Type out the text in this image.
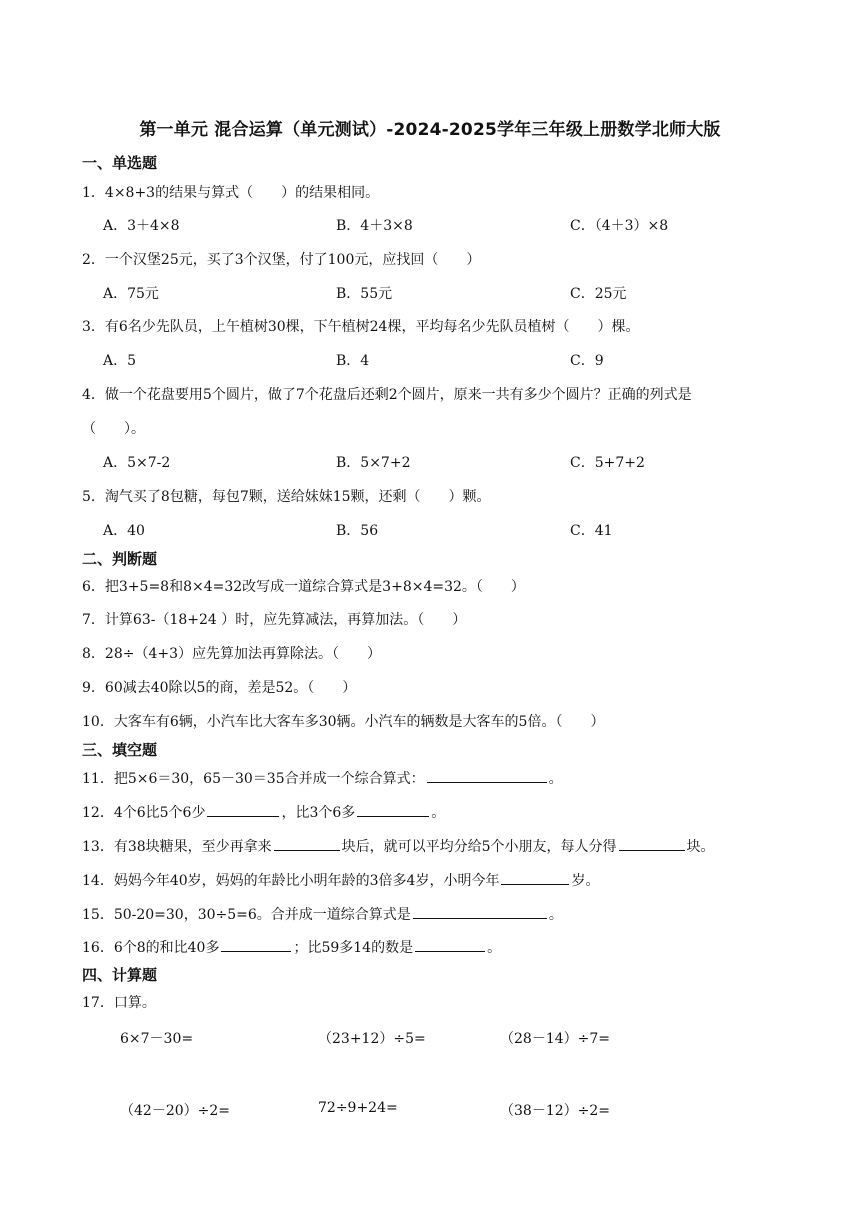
第一单元 混合运算（单元测试）-2024-2025学年三年级上册数学北师大版
一、单选题
1．4×8+3的结果与算式（　　）的结果相同。
A．3＋4×8	B．4＋3×8	C．（4＋3）×8
2．一个汉堡25元，买了3个汉堡，付了100元，应找回（　　）
A．75元	B．55元	C．25元
3．有6名少先队员，上午植树30棵，下午植树24棵，平均每名少先队员植树（　　）棵。
A．5	B．4	C．9
4．做一个花盘要用5个圆片，做了7个花盘后还剩2个圆片，原来一共有多少个圆片？正确的列式是
（　　）。
A．5×7-2	B．5×7+2	C．5+7+2
5．淘气买了8包糖，每包7颗，送给妹妹15颗，还剩（　　）颗。
A．40	B．56	C．41
二、判断题
6．把3+5=8和8×4=32改写成一道综合算式是3+8×4=32。（　　）
7．计算63-（18+24 ）时，应先算减法，再算加法。（　　）
8．28÷（4+3）应先算加法再算除法。（　　）
9．60减去40除以5的商，差是52。（　　）
10．大客车有6辆，小汽车比大客车多30辆。小汽车的辆数是大客车的5倍。（　　）
三、填空题
11．把5×6＝30，65－30＝35合并成一个综合算式：	。
12．4个6比5个6少	，比3个6多	。
13．有38块糖果，至少再拿来	块后，就可以平均分给5个小朋友，每人分得	块。
14．妈妈今年40岁，妈妈的年龄比小明年龄的3倍多4岁，小明今年	岁。
15．50-20=30，30÷5=6。合并成一道综合算式是	。
16．6个8的和比40多	；比59多14的数是	。
四、计算题
17．口算。
6×7－30=	（23+12）÷5=	（28－14）÷7=
（42－20）÷2=	72÷9+24=	（38－12）÷2=
